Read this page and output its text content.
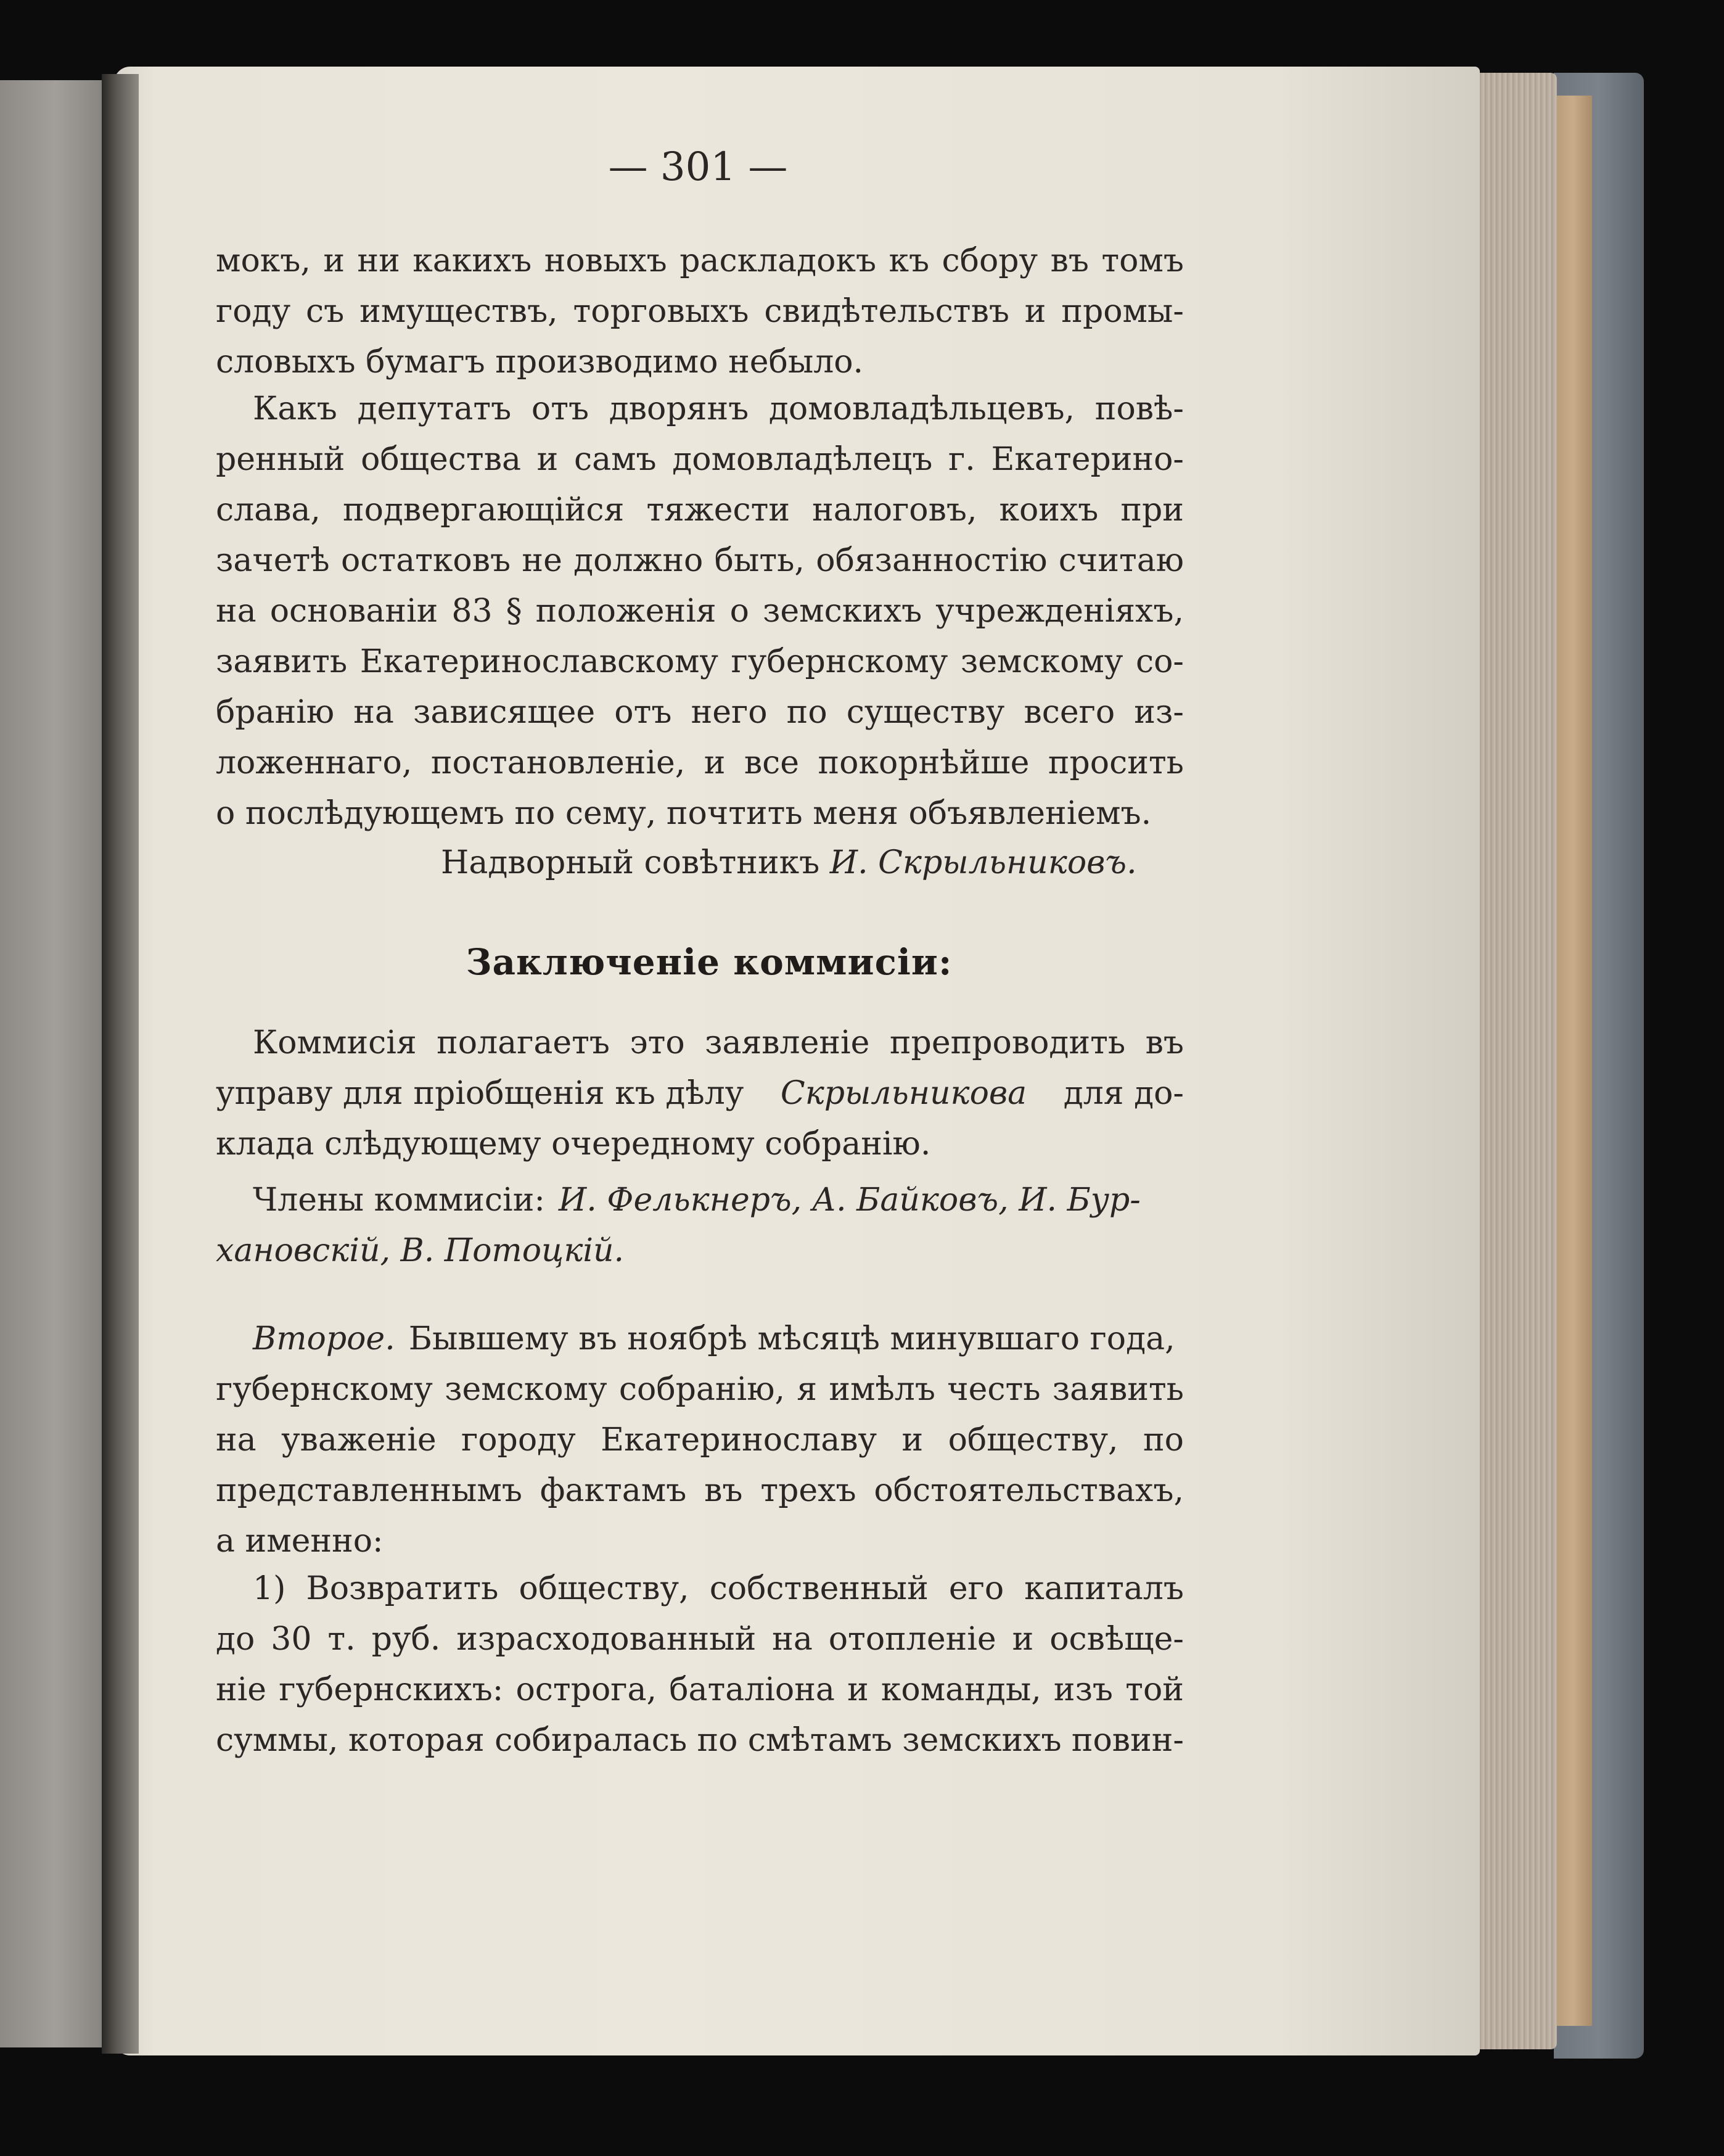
— 301 —
мокъ, и ни какихъ новыхъ раскладокъ къ сбору въ томъ
году съ имуществъ, торговыхъ свидѣтельствъ и промы-
словыхъ бумагъ производимо небыло.
Какъ депутатъ отъ дворянъ домовладѣльцевъ, повѣ-
ренный общества и самъ домовладѣлецъ г. Екатерино-
слава, подвергающійся тяжести налоговъ, коихъ при
зачетѣ остатковъ не должно быть, обязанностію считаю
на основаніи 83 § положенія о земскихъ учрежденіяхъ,
заявить Екатеринославскому губернскому земскому со-
бранію на зависящее отъ него по существу всего из-
ложеннаго, постановленіе, и все покорнѣйше просить
о послѣдующемъ по сему, почтить меня объявленіемъ.
Надворный совѣтникъ И. Скрыльниковъ.
Заключеніе коммисіи:
Коммисія полагаетъ это заявленіе препроводить въ
управу для пріобщенія къ дѣлу Скрыльникова для до-
клада слѣдующему очередному собранію.
Члены коммисіи: И. Фелькнеръ, А. Байковъ, И. Бур-
хановскій, В. Потоцкій.
Второе. Бывшему въ ноябрѣ мѣсяцѣ минувшаго года,
губернскому земскому собранію, я имѣлъ честь заявить
на уваженіе городу Екатеринославу и обществу, по
представленнымъ фактамъ въ трехъ обстоятельствахъ,
а именно:
1) Возвратить обществу, собственный его капиталъ
до 30 т. руб. израсходованный на отопленіе и освѣще-
ніе губернскихъ: острога, баталіона и команды, изъ той
суммы, которая собиралась по смѣтамъ земскихъ повин-
